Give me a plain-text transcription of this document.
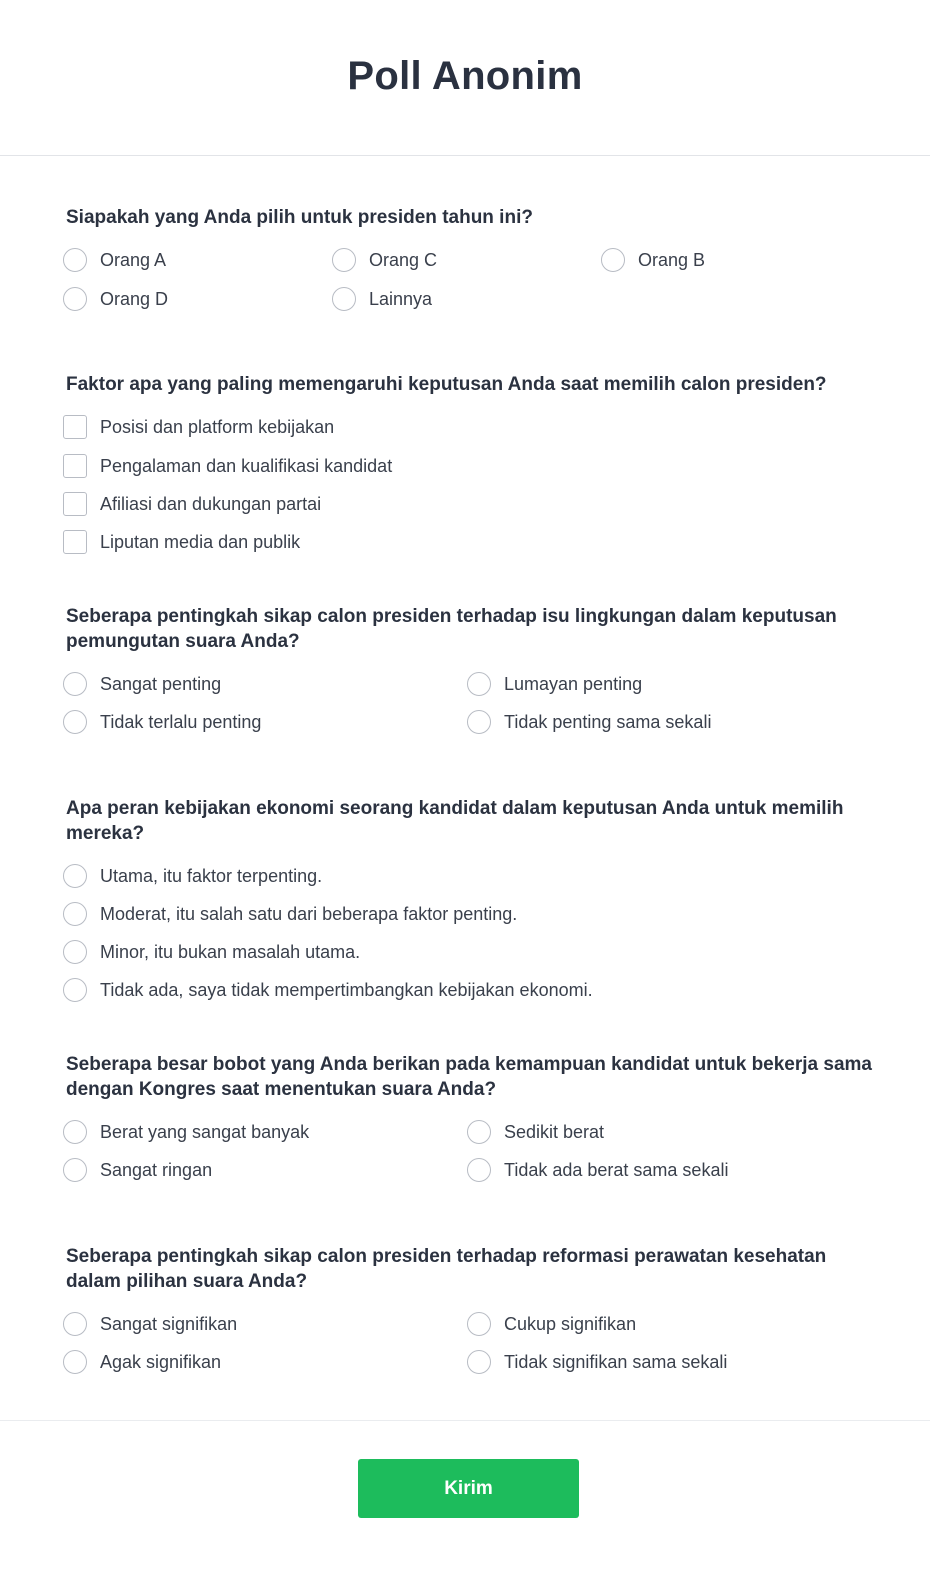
Poll Anonim
Siapakah yang Anda pilih untuk presiden tahun ini?
Orang A	Orang C	Orang B
Orang D	Lainnya
Faktor apa yang paling memengaruhi keputusan Anda saat memilih calon presiden?
Posisi dan platform kebijakan
Pengalaman dan kualifikasi kandidat
Afiliasi dan dukungan partai
Liputan media dan publik
Seberapa pentingkah sikap calon presiden terhadap isu lingkungan dalam keputusan pemungutan suara Anda?
Sangat penting	Lumayan penting
Tidak terlalu penting	Tidak penting sama sekali
Apa peran kebijakan ekonomi seorang kandidat dalam keputusan Anda untuk memilih mereka?
Utama, itu faktor terpenting.
Moderat, itu salah satu dari beberapa faktor penting.
Minor, itu bukan masalah utama.
Tidak ada, saya tidak mempertimbangkan kebijakan ekonomi.
Seberapa besar bobot yang Anda berikan pada kemampuan kandidat untuk bekerja sama dengan Kongres saat menentukan suara Anda?
Berat yang sangat banyak	Sedikit berat
Sangat ringan	Tidak ada berat sama sekali
Seberapa pentingkah sikap calon presiden terhadap reformasi perawatan kesehatan dalam pilihan suara Anda?
Sangat signifikan	Cukup signifikan
Agak signifikan	Tidak signifikan sama sekali
Kirim
